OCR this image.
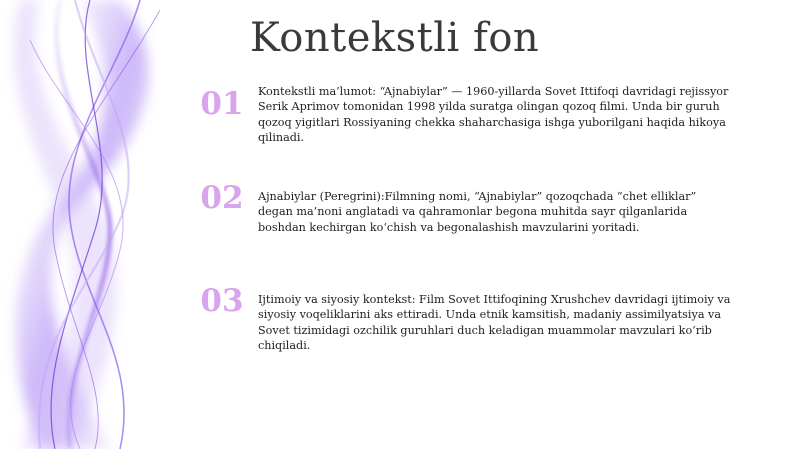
Kontekstli fon
01	Kontekstli ma’lumot: “Ajnabiylar” — 1960-yillarda Sovet Ittifoqi davridagi rejissyor Serik Aprimov tomonidan 1998 yilda suratga olingan qozoq filmi. Unda bir guruh qozoq yigitlari Rossiyaning chekka shaharchasiga ishga yuborilgani haqida hikoya qilinadi.
02	Ajnabiylar (Peregrini):Filmning nomi, “Ajnabiylar” qozoqchada “chet elliklar” degan ma’noni anglatadi va qahramonlar begona muhitda sayr qilganlarida boshdan kechirgan ko‘chish va begonalashish mavzularini yoritadi.
03	Ijtimoiy va siyosiy kontekst: Film Sovet Ittifoqining Xrushchev davridagi ijtimoiy va siyosiy voqeliklarini aks ettiradi. Unda etnik kamsitish, madaniy assimilyatsiya va Sovet tizimidagi ozchilik guruhlari duch keladigan muammolar mavzulari ko‘rib chiqiladi.
